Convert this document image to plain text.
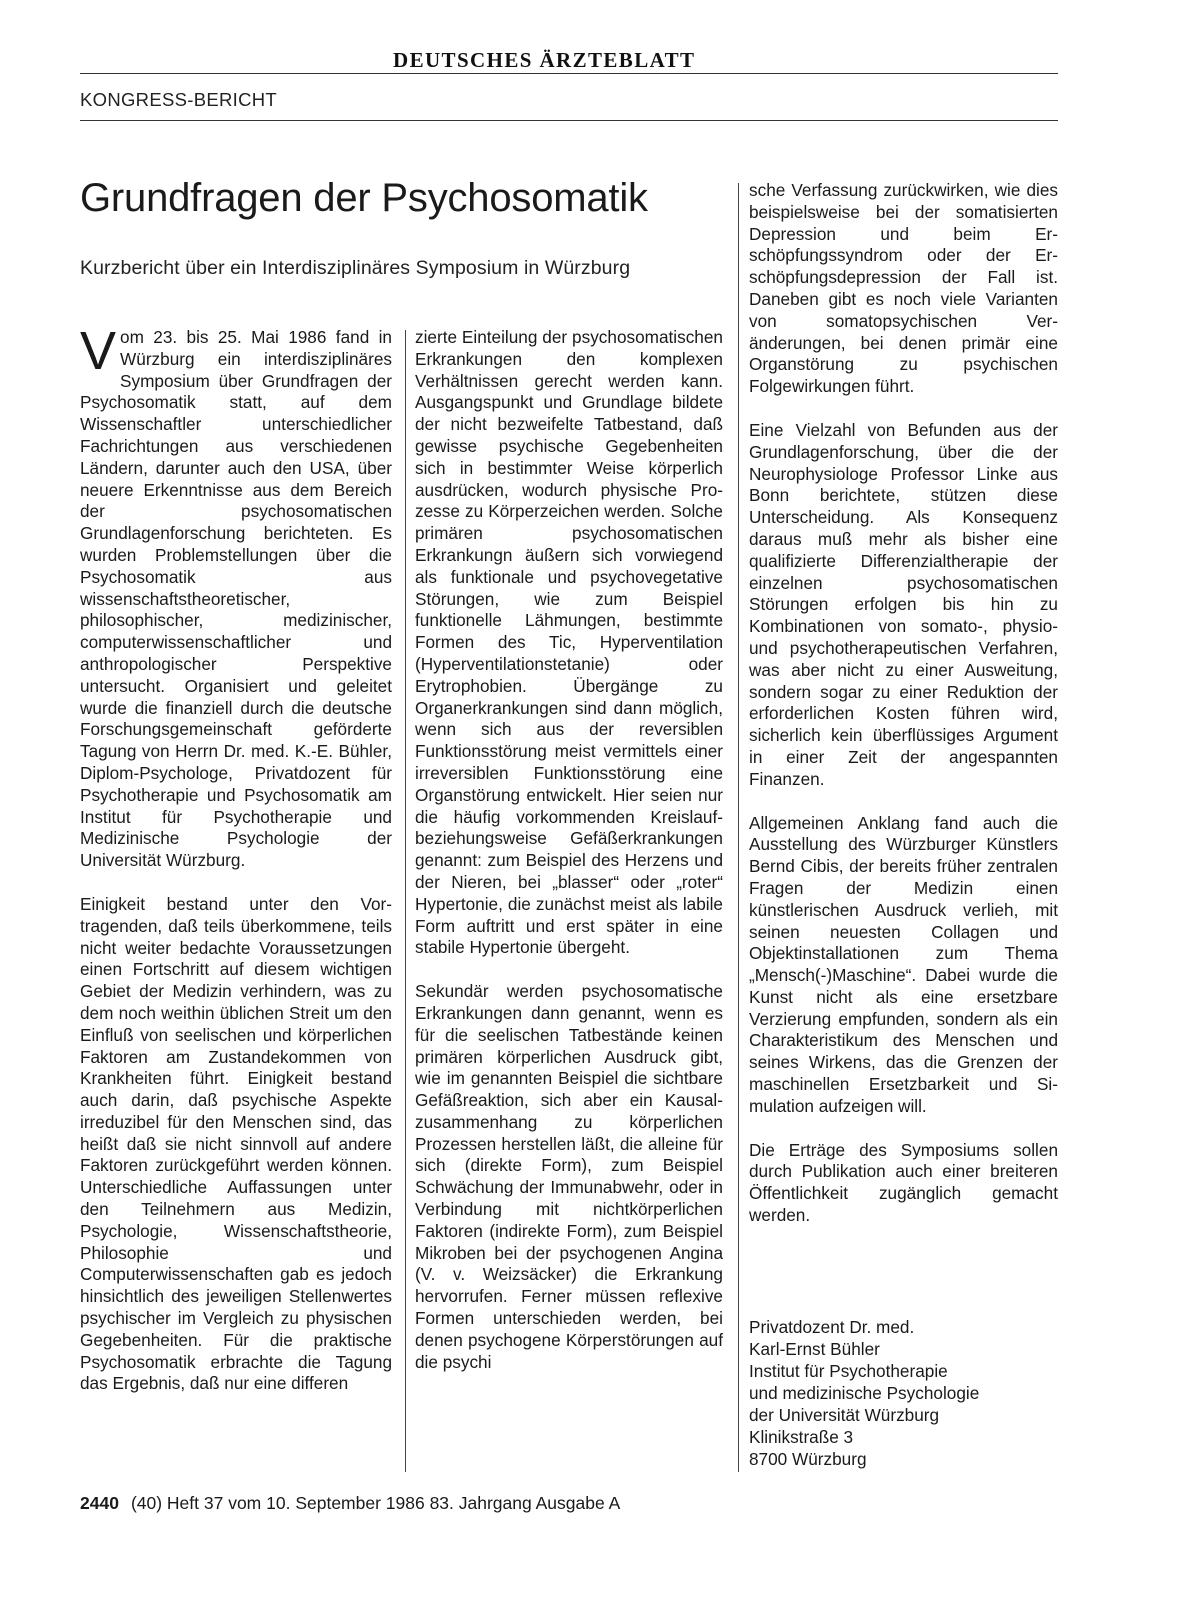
DEUTSCHES ÄRZTEBLATT
KONGRESS-BERICHT
Grundfragen der Psychosomatik

Kurzbericht über ein Interdisziplinäres Symposium in Würzburg

Vom 23. bis 25. Mai 1986 fand in Würzburg ein interdisziplinäres Symposium über Grundfragen der Psychosomatik statt, auf dem Wissenschaftler unterschiedlicher Fachrichtungen aus verschiedenen Ländern, darunter auch den USA, über neuere Erkenntnisse aus dem Bereich der psychosomatischen Grundlagenforschung berichteten. Es wurden Problemstellungen über die Psychosomatik aus wissenschaftstheoretischer, philosophischer, medizinischer, computerwissenschaftlicher und anthropologischer Perspektive untersucht. Organisiert und geleitet wurde die finanziell durch die deutsche Forschungsgemeinschaft geförderte Tagung von Herrn Dr. med. K.-E. Bühler, Diplom-Psychologe, Privatdozent für Psychotherapie und Psychosomatik am Institut für Psychotherapie und Medizinische Psychologie der Universität Würzburg.

Einigkeit bestand unter den Vortragenden, daß teils überkommene, teils nicht weiter bedachte Voraussetzungen einen Fortschritt auf diesem wichtigen Gebiet der Medizin verhindern, was zu dem noch weithin üblichen Streit um den Einfluß von seelischen und körperlichen Faktoren am Zustandekommen von Krankheiten führt. Einigkeit bestand auch darin, daß psychische Aspekte irreduzibel für den Menschen sind, das heißt daß sie nicht sinnvoll auf andere Faktoren zurückgeführt werden können. Unterschiedliche Auffassungen unter den Teilnehmern aus Medizin, Psychologie, Wissenschaftstheorie, Philosophie und Computerwissenschaften gab es jedoch hinsichtlich des jeweiligen Stellenwertes psychischer im Vergleich zu physischen Gegebenheiten. Für die praktische Psychosomatik erbrachte die Tagung das Ergebnis, daß nur eine differen

zierte Einteilung der psychosomatischen Erkrankungen den komplexen Verhältnissen gerecht werden kann. Ausgangspunkt und Grundlage bildete der nicht bezweifelte Tatbestand, daß gewisse psychische Gegebenheiten sich in bestimmter Weise körperlich ausdrücken, wodurch physische Prozesse zu Körperzeichen werden. Solche primären psychosomatischen Erkrankungn äußern sich vorwiegend als funktionale und psychovegetative Störungen, wie zum Beispiel funktionelle Lähmungen, bestimmte Formen des Tic, Hyperventilation (Hyperventilationstetanie) oder Erytrophobien. Übergänge zu Organerkrankungen sind dann möglich, wenn sich aus der reversiblen Funktionsstörung meist vermittels einer irreversiblen Funktionsstörung eine Organstörung entwickelt. Hier seien nur die häufig vorkommenden Kreislauf- beziehungsweise Gefäßerkrankungen genannt: zum Beispiel des Herzens und der Nieren, bei „blasser“ oder „roter“ Hypertonie, die zunächst meist als labile Form auftritt und erst später in eine stabile Hypertonie übergeht.

Sekundär werden psychosomatische Erkrankungen dann genannt, wenn es für die seelischen Tatbestände keinen primären körperlichen Ausdruck gibt, wie im genannten Beispiel die sichtbare Gefäßreaktion, sich aber ein Kausalzusammenhang zu körperlichen Prozessen herstellen läßt, die alleine für sich (direkte Form), zum Beispiel Schwächung der Immunabwehr, oder in Verbindung mit nichtkörperlichen Faktoren (indirekte Form), zum Beispiel Mikroben bei der psychogenen Angina (V. v. Weizsäcker) die Erkrankung hervorrufen. Ferner müssen reflexive Formen unterschieden werden, bei denen psychogene Körperstörungen auf die psychi

sche Verfassung zurückwirken, wie dies beispielsweise bei der somatisierten Depression und beim Erschöpfungssyndrom oder der Erschöpfungsdepression der Fall ist. Daneben gibt es noch viele Varianten von somatopsychischen Veränderungen, bei denen primär eine Organstörung zu psychischen Folgewirkungen führt.

Eine Vielzahl von Befunden aus der Grundlagenforschung, über die der Neurophysiologe Professor Linke aus Bonn berichtete, stützen diese Unterscheidung. Als Konsequenz daraus muß mehr als bisher eine qualifizierte Differenzialtherapie der einzelnen psychosomatischen Störungen erfolgen bis hin zu Kombinationen von somato-, physio- und psychotherapeutischen Verfahren, was aber nicht zu einer Ausweitung, sondern sogar zu einer Reduktion der erforderlichen Kosten führen wird, sicherlich kein überflüssiges Argument in einer Zeit der angespannten Finanzen.

Allgemeinen Anklang fand auch die Ausstellung des Würzburger Künstlers Bernd Cibis, der bereits früher zentralen Fragen der Medizin einen künstlerischen Ausdruck verlieh, mit seinen neuesten Collagen und Objektinstallationen zum Thema „Mensch(-)Maschine“. Dabei wurde die Kunst nicht als eine ersetzbare Verzierung empfunden, sondern als ein Charakteristikum des Menschen und seines Wirkens, das die Grenzen der maschinellen Ersetzbarkeit und Simulation aufzeigen will.

Die Erträge des Symposiums sollen durch Publikation auch einer breiteren Öffentlichkeit zugänglich gemacht werden.

Privatdozent Dr. med.
Karl-Ernst Bühler
Institut für Psychotherapie
und medizinische Psychologie
der Universität Würzburg
Klinikstraße 3
8700 Würzburg
2440 (40) Heft 37 vom 10. September 1986 83. Jahrgang Ausgabe A
